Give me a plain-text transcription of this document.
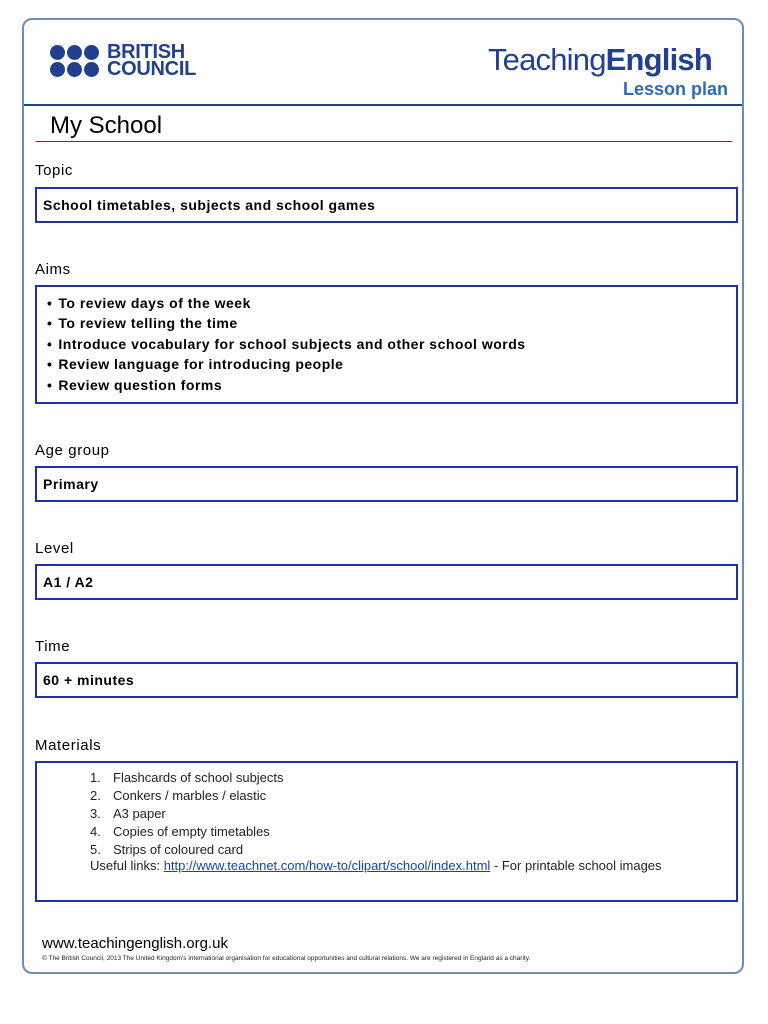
BRITISH
COUNCIL	TeachingEnglish
Lesson plan
My School
Topic
School timetables, subjects and school games
Aims
• To review days of the week
• To review telling the time
• Introduce vocabulary for school subjects and other school words
• Review language for introducing people
• Review question forms
Age group
Primary
Level
A1 / A2
Time
60 + minutes
Materials
1. Flashcards of school subjects
2. Conkers / marbles / elastic
3. A3 paper
4. Copies of empty timetables
5. Strips of coloured card
Useful links: http://www.teachnet.com/how-to/clipart/school/index.html - For printable school images
www.teachingenglish.org.uk
© The British Council, 2013 The United Kingdom's international organisation for educational opportunities and cultural relations. We are registered in England as a charity.
